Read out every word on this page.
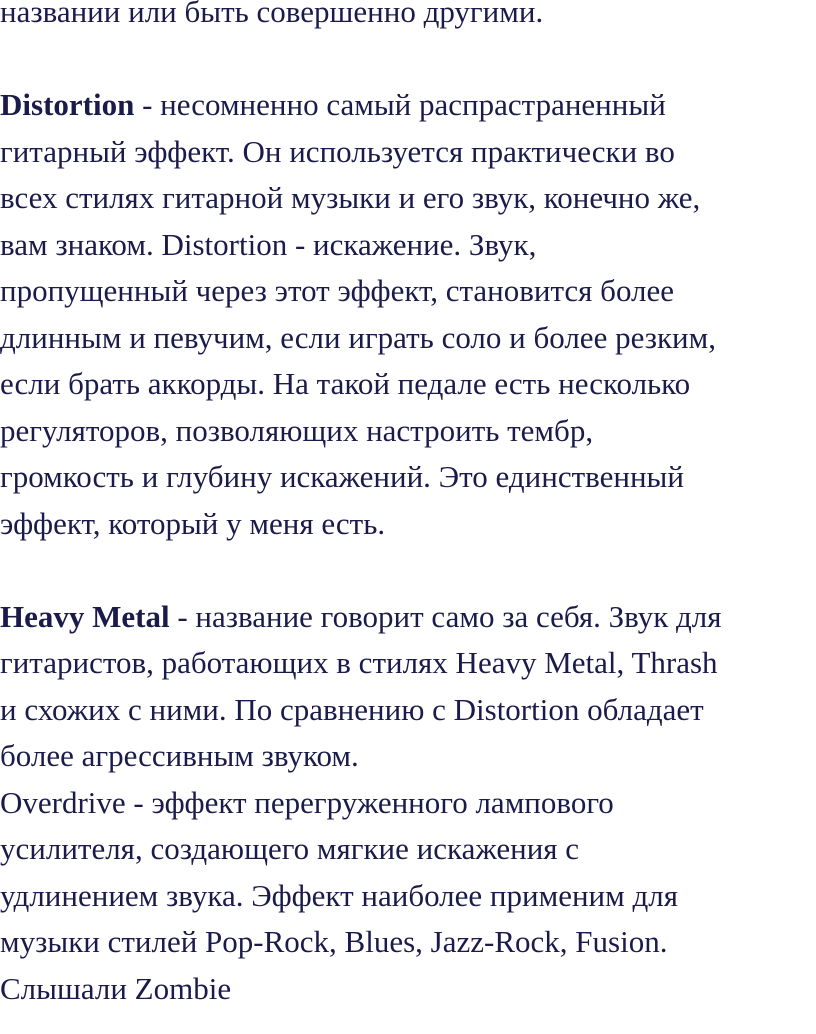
названии или быть совершенно другими.
Distortion - несомненно самый распрастраненный
гитарный эффект. Он используется практически во
всех стилях гитарной музыки и его звук, конечно же,
вам знаком. Distortion - искажение. Звук,
пропущенный через этот эффект, становится более
длинным и певучим, если играть соло и более резким,
если брать аккорды. На такой педале есть несколько
регуляторов, позволяющих настроить тембр,
громкость и глубину искажений. Это единственный
эффект, который у меня есть.
Heavy Metal - название говорит само за себя. Звук для
гитаристов, работающих в стилях Heavy Metal, Thrash
и схожих с ними. По сравнению с Distortion обладает
более агрессивным звуком.
Overdrive - эффект перегруженного лампового
усилителя, создающего мягкие искажения с
удлинением звука. Эффект наиболее применим для
музыки стилей Pop-Rock, Blues, Jazz-Rock, Fusion.
Слышали Zombie
